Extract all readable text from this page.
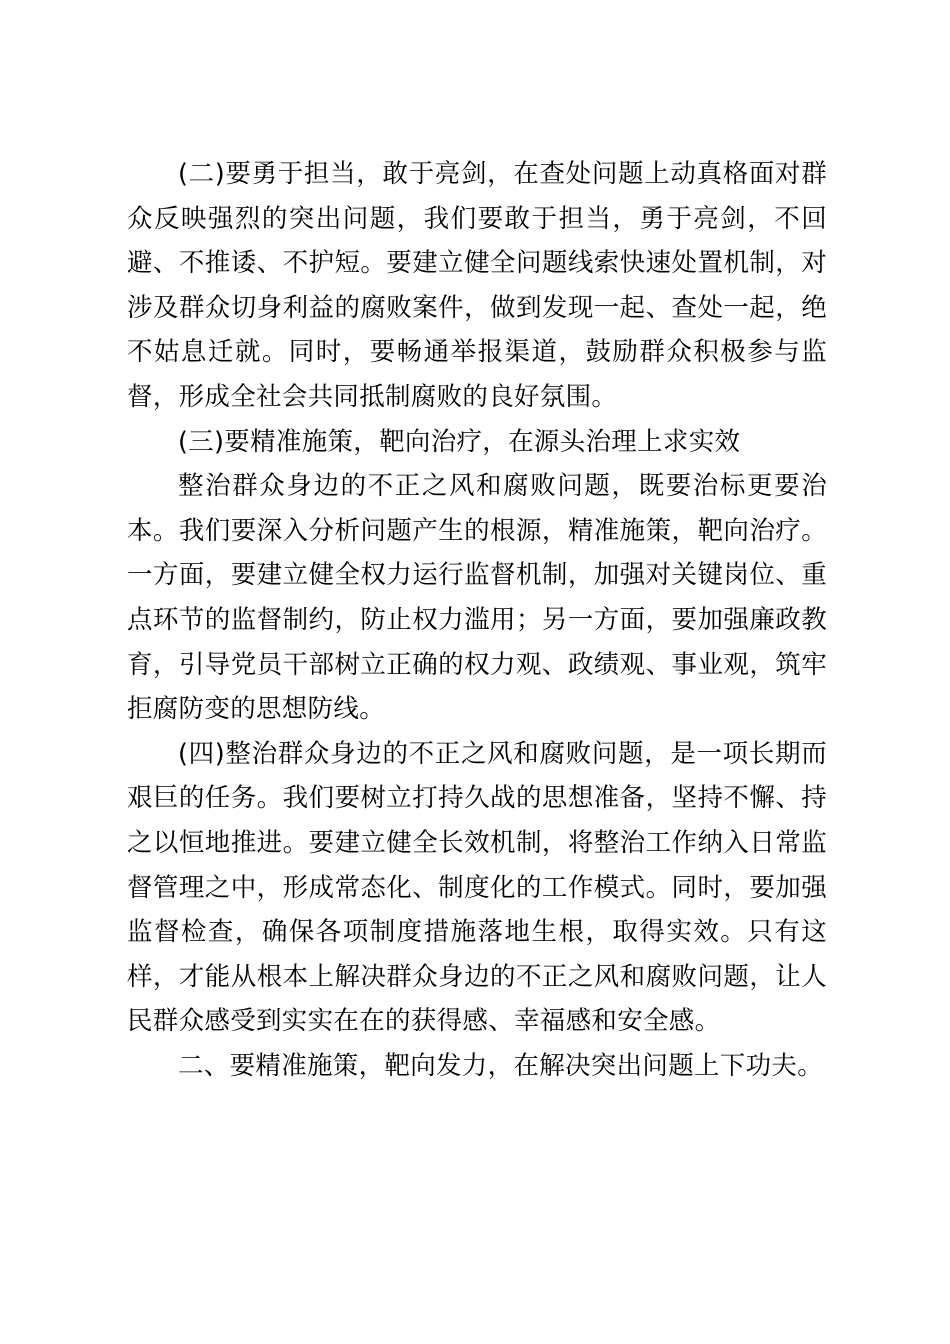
(二)要勇于担当，敢于亮剑，在查处问题上动真格面对群众反映强烈的突出问题，我们要敢于担当，勇于亮剑，不回避、不推诿、不护短。要建立健全问题线索快速处置机制，对涉及群众切身利益的腐败案件，做到发现一起、查处一起，绝不姑息迁就。同时，要畅通举报渠道，鼓励群众积极参与监督，形成全社会共同抵制腐败的良好氛围。

(三)要精准施策，靶向治疗，在源头治理上求实效

整治群众身边的不正之风和腐败问题，既要治标更要治本。我们要深入分析问题产生的根源，精准施策，靶向治疗。一方面，要建立健全权力运行监督机制，加强对关键岗位、重点环节的监督制约，防止权力滥用；另一方面，要加强廉政教育，引导党员干部树立正确的权力观、政绩观、事业观，筑牢拒腐防变的思想防线。

(四)整治群众身边的不正之风和腐败问题，是一项长期而艰巨的任务。我们要树立打持久战的思想准备，坚持不懈、持之以恒地推进。要建立健全长效机制，将整治工作纳入日常监督管理之中，形成常态化、制度化的工作模式。同时，要加强监督检查，确保各项制度措施落地生根，取得实效。只有这样，才能从根本上解决群众身边的不正之风和腐败问题，让人民群众感受到实实在在的获得感、幸福感和安全感。

二、要精准施策，靶向发力，在解决突出问题上下功夫。
